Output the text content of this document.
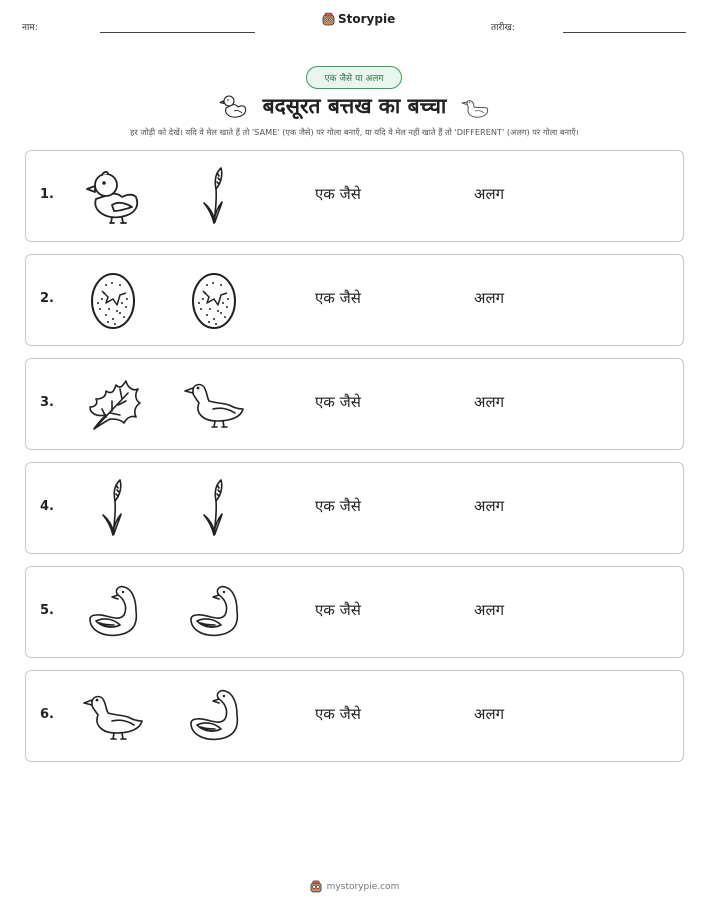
नाम:
Storypie
तारीख:
एक जैसे या अलग
बदसूरत बत्तख का बच्चा
हर जोड़ी को देखें। यदि वे मेल खाते हैं तो 'SAME' (एक जैसे) पर गोला बनाएँ, या यदि वे मेल नहीं खाते हैं तो 'DIFFERENT' (अलग) पर गोला बनाएँ।
1.	एक जैसे	अलग
2.	एक जैसे	अलग
3.	एक जैसे	अलग
4.	एक जैसे	अलग
5.	एक जैसे	अलग
6.	एक जैसे	अलग
mystorypie.com
